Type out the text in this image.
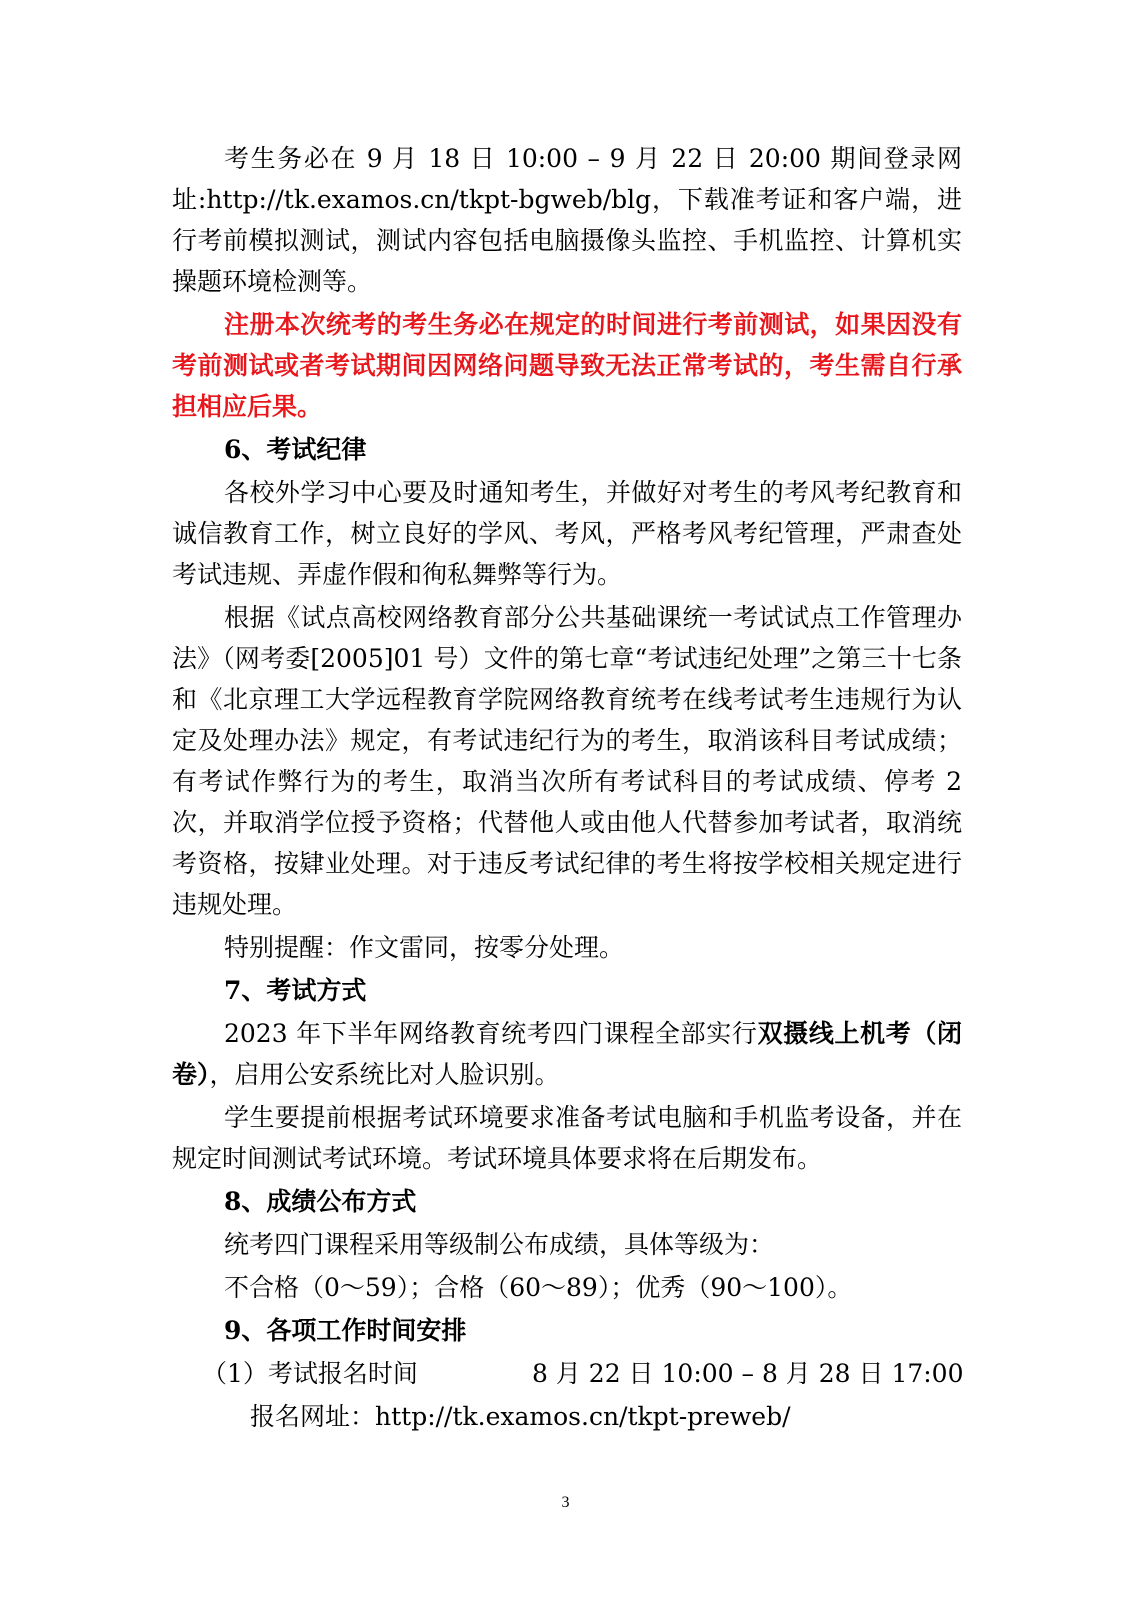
考生务必在 9 月 18 日 10:00 – 9 月 22 日 20:00 期间登录网址:http://tk.examos.cn/tkpt-bgweb/blg，下载准考证和客户端，进行考前模拟测试，测试内容包括电脑摄像头监控、手机监控、计算机实操题环境检测等。

注册本次统考的考生务必在规定的时间进行考前测试，如果因没有考前测试或者考试期间因网络问题导致无法正常考试的，考生需自行承担相应后果。

6、考试纪律

各校外学习中心要及时通知考生，并做好对考生的考风考纪教育和诚信教育工作，树立良好的学风、考风，严格考风考纪管理，严肃查处考试违规、弄虚作假和徇私舞弊等行为。

根据《试点高校网络教育部分公共基础课统一考试试点工作管理办法》（网考委[2005]01 号）文件的第七章“考试违纪处理”之第三十七条和《北京理工大学远程教育学院网络教育统考在线考试考生违规行为认定及处理办法》规定，有考试违纪行为的考生，取消该科目考试成绩；有考试作弊行为的考生，取消当次所有考试科目的考试成绩、停考 2 次，并取消学位授予资格；代替他人或由他人代替参加考试者，取消统考资格，按肄业处理。对于违反考试纪律的考生将按学校相关规定进行违规处理。

特别提醒：作文雷同，按零分处理。

7、考试方式

2023 年下半年网络教育统考四门课程全部实行双摄线上机考（闭卷），启用公安系统比对人脸识别。

学生要提前根据考试环境要求准备考试电脑和手机监考设备，并在规定时间测试考试环境。考试环境具体要求将在后期发布。

8、成绩公布方式

统考四门课程采用等级制公布成绩，具体等级为：

不合格（0～59）；合格（60～89）；优秀（90～100）。

9、各项工作时间安排

（1）考试报名时间	8 月 22 日 10:00 – 8 月 28 日 17:00
报名网址：http://tk.examos.cn/tkpt-preweb/
3
